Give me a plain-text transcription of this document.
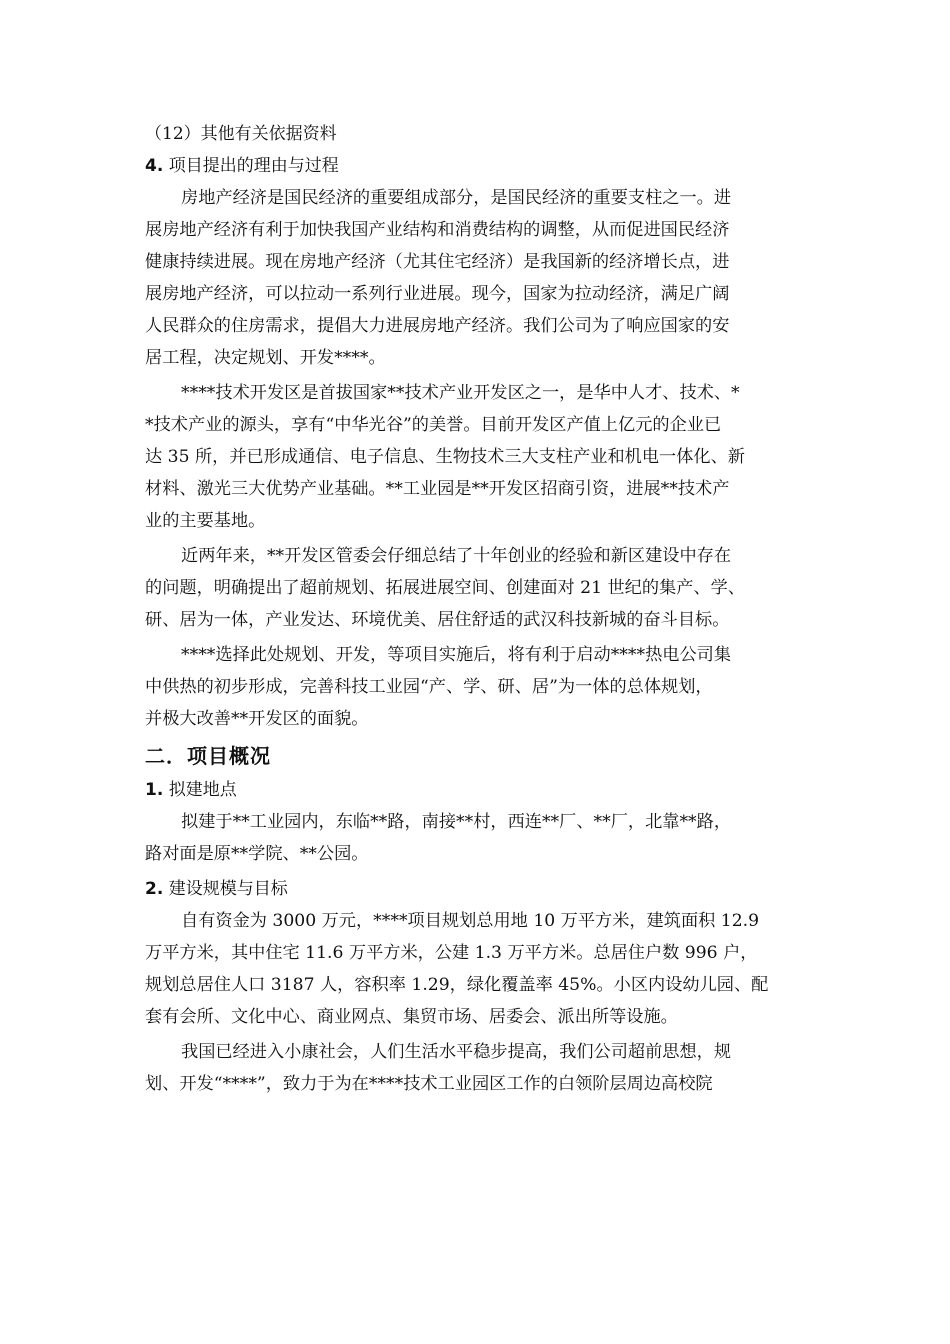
（12）其他有关依据资料
4. 项目提出的理由与过程
房地产经济是国民经济的重要组成部分，是国民经济的重要支柱之一。进
展房地产经济有利于加快我国产业结构和消费结构的调整，从而促进国民经济
健康持续进展。现在房地产经济（尤其住宅经济）是我国新的经济增长点，进
展房地产经济，可以拉动一系列行业进展。现今，国家为拉动经济，满足广阔
人民群众的住房需求，提倡大力进展房地产经济。我们公司为了响应国家的安
居工程，决定规划、开发****。
****技术开发区是首拔国家**技术产业开发区之一，是华中人才、技术、*
*技术产业的源头，享有“中华光谷”的美誉。目前开发区产值上亿元的企业已
达 35 所，并已形成通信、电子信息、生物技术三大支柱产业和机电一体化、新
材料、激光三大优势产业基础。**工业园是**开发区招商引资，进展**技术产
业的主要基地。
近两年来，**开发区管委会仔细总结了十年创业的经验和新区建设中存在
的问题，明确提出了超前规划、拓展进展空间、创建面对 21 世纪的集产、学、
研、居为一体，产业发达、环境优美、居住舒适的武汉科技新城的奋斗目标。
****选择此处规划、开发，等项目实施后，将有利于启动****热电公司集
中供热的初步形成，完善科技工业园“产、学、研、居”为一体的总体规划，
并极大改善**开发区的面貌。
二．项目概况
1. 拟建地点
拟建于**工业园内，东临**路，南接**村，西连**厂、**厂，北靠**路，
路对面是原**学院、**公园。
2. 建设规模与目标
自有资金为 3000 万元，****项目规划总用地 10 万平方米，建筑面积 12.9
万平方米，其中住宅 11.6 万平方米，公建 1.3 万平方米。总居住户数 996 户，
规划总居住人口 3187 人，容积率 1.29，绿化覆盖率 45%。小区内设幼儿园、配
套有会所、文化中心、商业网点、集贸市场、居委会、派出所等设施。
我国已经进入小康社会，人们生活水平稳步提高，我们公司超前思想，规
划、开发“****”，致力于为在****技术工业园区工作的白领阶层周边高校院
